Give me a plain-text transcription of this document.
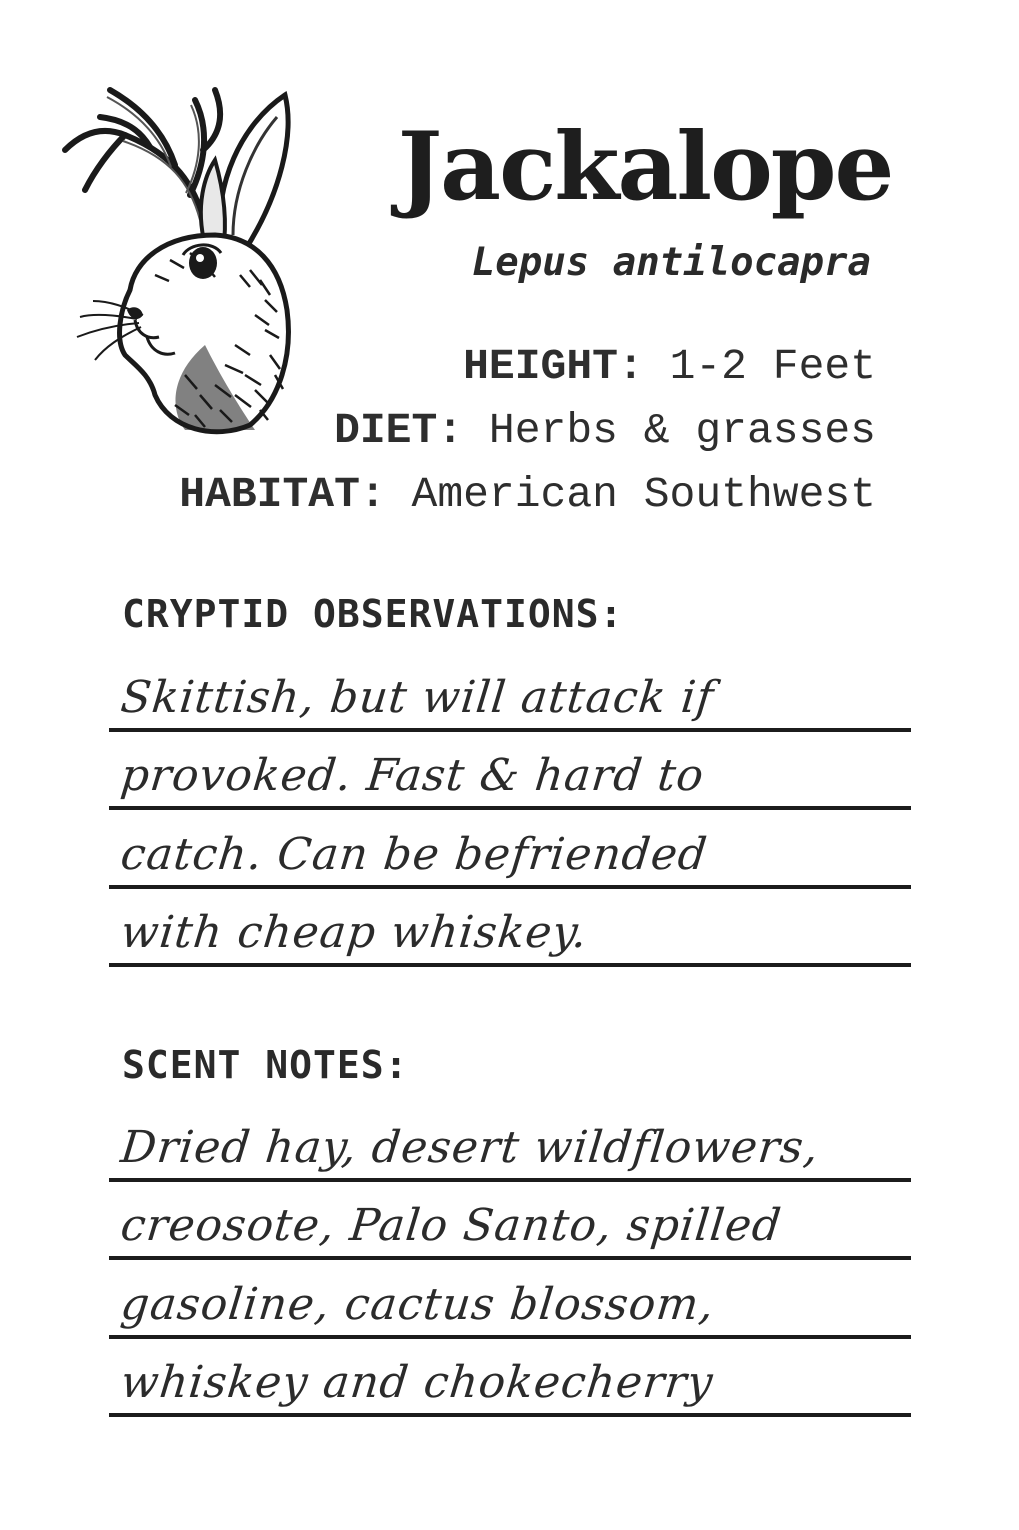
Jackalope
Lepus antilocapra
HEIGHT: 1-2 Feet
DIET: Herbs & grasses
HABITAT: American Southwest
CRYPTID OBSERVATIONS:
Skittish, but will attack if
provoked. Fast & hard to
catch. Can be befriended
with cheap whiskey.
SCENT NOTES:
Dried hay, desert wildflowers,
creosote, Palo Santo, spilled
gasoline, cactus blossom,
whiskey and chokecherry
